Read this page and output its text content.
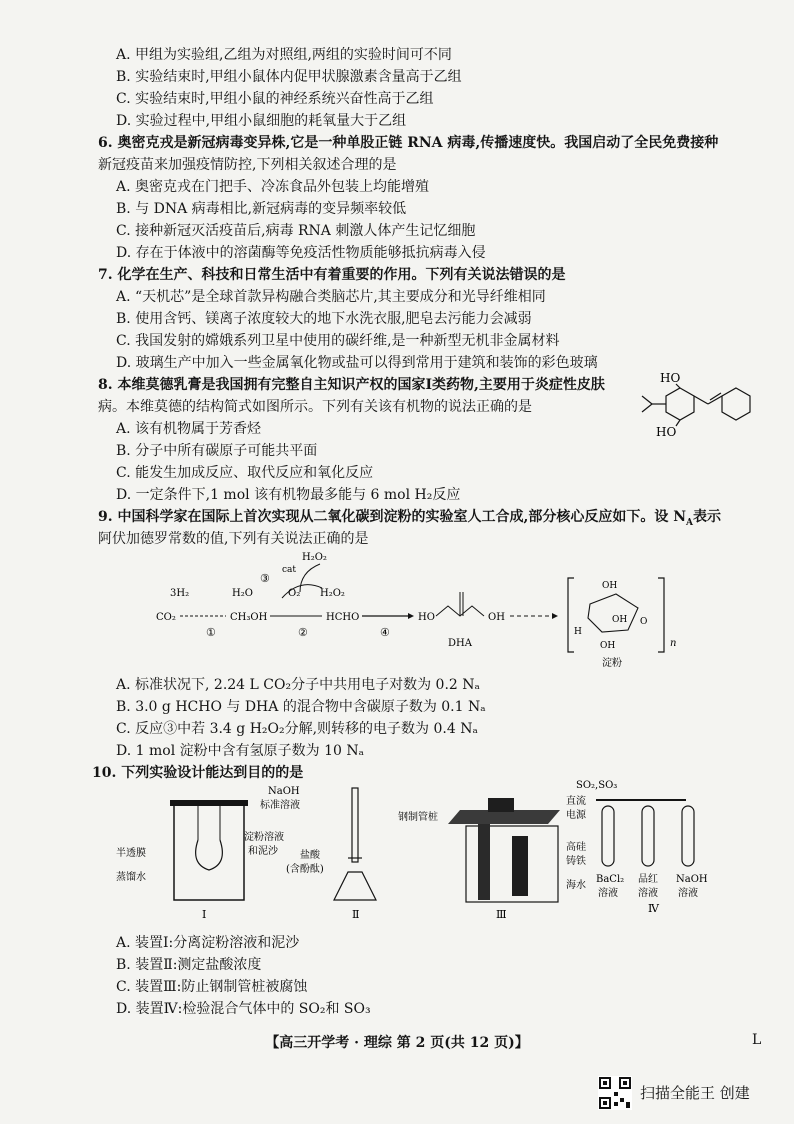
A. 甲组为实验组,乙组为对照组,两组的实验时间可不同
B. 实验结束时,甲组小鼠体内促甲状腺激素含量高于乙组
C. 实验结束时,甲组小鼠的神经系统兴奋性高于乙组
D. 实验过程中,甲组小鼠细胞的耗氧量大于乙组
6. 奥密克戎是新冠病毒变异株,它是一种单股正链 RNA 病毒,传播速度快。我国启动了全民免费接种
新冠疫苗来加强疫情防控,下列相关叙述合理的是
A. 奥密克戎在门把手、冷冻食品外包装上均能增殖
B. 与 DNA 病毒相比,新冠病毒的变异频率较低
C. 接种新冠灭活疫苗后,病毒 RNA 刺激人体产生记忆细胞
D. 存在于体液中的溶菌酶等免疫活性物质能够抵抗病毒入侵
7. 化学在生产、科技和日常生活中有着重要的作用。下列有关说法错误的是
A. “天机芯”是全球首款异构融合类脑芯片,其主要成分和光导纤维相同
B. 使用含钙、镁离子浓度较大的地下水洗衣服,肥皂去污能力会减弱
C. 我国发射的嫦娥系列卫星中使用的碳纤维,是一种新型无机非金属材料
D. 玻璃生产中加入一些金属氧化物或盐可以得到常用于建筑和装饰的彩色玻璃
8. 本维莫德乳膏是我国拥有完整自主知识产权的国家Ⅰ类药物,主要用于炎症性皮肤
病。本维莫德的结构简式如图所示。下列有关该有机物的说法正确的是
A. 该有机物属于芳香烃
B. 分子中所有碳原子可能共平面
C. 能发生加成反应、取代反应和氧化反应
D. 一定条件下,1 mol 该有机物最多能与 6 mol H₂反应
HO
HO
9. 中国科学家在国际上首次实现从二氧化碳到淀粉的实验室人工合成,部分核心反应如下。设 $N_A$表示
阿伏加德罗常数的值,下列有关说法正确的是
H₂O₂
cat
③
3H₂	H₂O	O₂ H₂O₂
CO₂	CH₃OH	HCHO
①	②	④
HO	OH
DHA
OH
OH
OH
H
O
n
淀粉
A. 标准状况下, 2.24 L CO₂分子中共用电子对数为 0.2 Nₐ
B. 3.0 g HCHO 与 DHA 的混合物中含碳原子数为 0.1 Nₐ
C. 反应③中若 3.4 g H₂O₂分解,则转移的电子数为 0.4 Nₐ
D. 1 mol 淀粉中含有氢原子数为 10 Nₐ
10. 下列实验设计能达到目的的是
半透膜
蒸馏水
淀粉溶液
和泥沙
Ⅰ
NaOH
标准溶液
盐酸
(含酚酞)
Ⅱ
钢制管桩
直流
电源
高硅
铸铁
海水
Ⅲ
SO₂,SO₃
BaCl₂
溶液
品红
溶液
NaOH
溶液
Ⅳ
A. 装置Ⅰ:分离淀粉溶液和泥沙
B. 装置Ⅱ:测定盐酸浓度
C. 装置Ⅲ:防止钢制管桩被腐蚀
D. 装置Ⅳ:检验混合气体中的 SO₂和 SO₃
【高三开学考 · 理综 第 2 页(共 12 页)】	L
扫描全能王 创建
